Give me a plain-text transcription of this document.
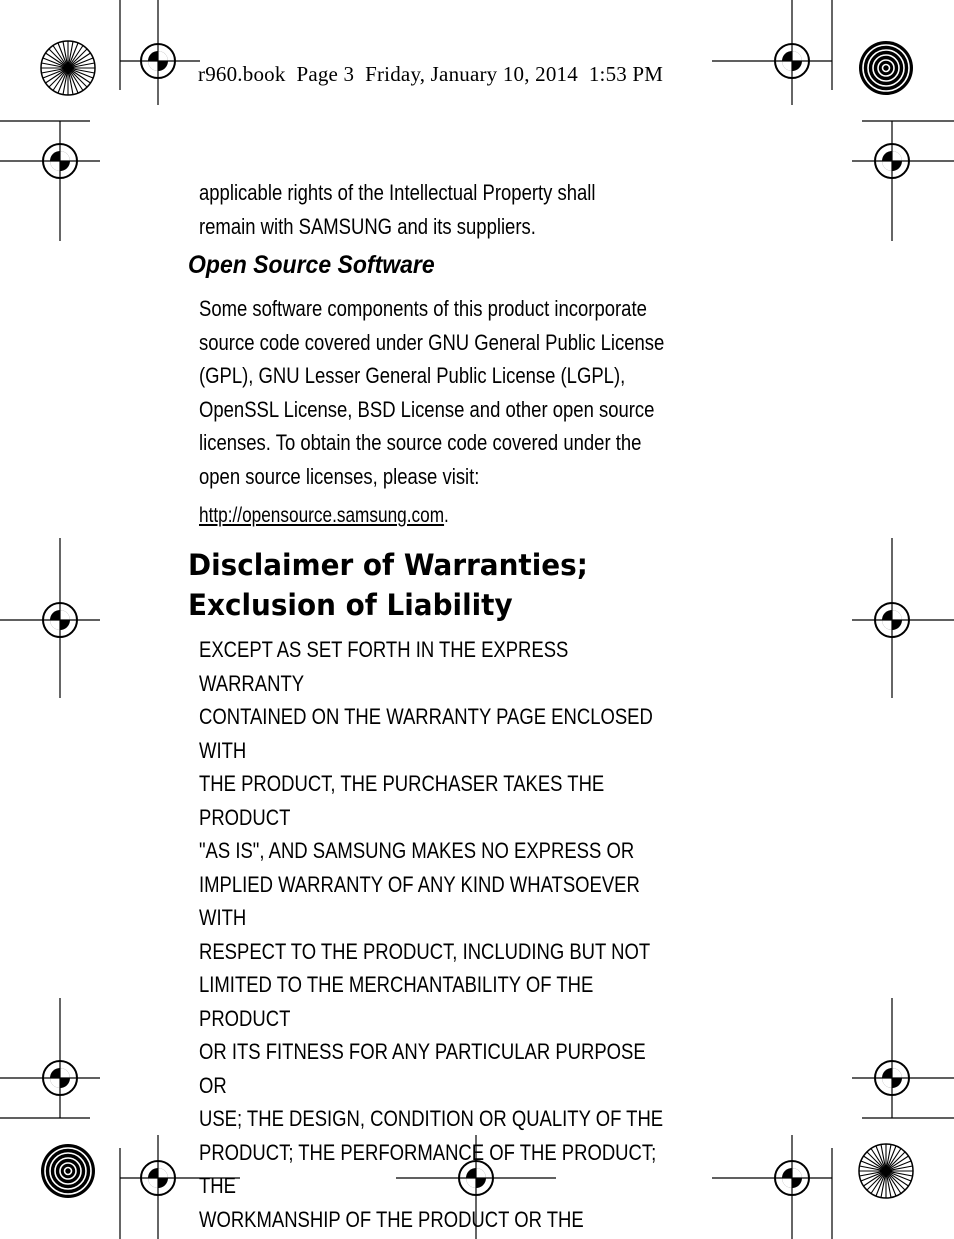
r960.book  Page 3  Friday, January 10, 2014  1:53 PM
applicable rights of the Intellectual Property shall
remain with SAMSUNG and its suppliers.
Open Source Software
Some software components of this product incorporate
source code covered under GNU General Public License
(GPL), GNU Lesser General Public License (LGPL),
OpenSSL License, BSD License and other open source
licenses. To obtain the source code covered under the
open source licenses, please visit:
http://opensource.samsung.com.
Disclaimer of Warranties;
Exclusion of Liability
EXCEPT AS SET FORTH IN THE EXPRESS WARRANTY
CONTAINED ON THE WARRANTY PAGE ENCLOSED WITH
THE PRODUCT, THE PURCHASER TAKES THE PRODUCT
"AS IS", AND SAMSUNG MAKES NO EXPRESS OR
IMPLIED WARRANTY OF ANY KIND WHATSOEVER WITH
RESPECT TO THE PRODUCT, INCLUDING BUT NOT
LIMITED TO THE MERCHANTABILITY OF THE PRODUCT
OR ITS FITNESS FOR ANY PARTICULAR PURPOSE OR
USE; THE DESIGN, CONDITION OR QUALITY OF THE
PRODUCT; THE PERFORMANCE OF THE PRODUCT; THE
WORKMANSHIP OF THE PRODUCT OR THE
